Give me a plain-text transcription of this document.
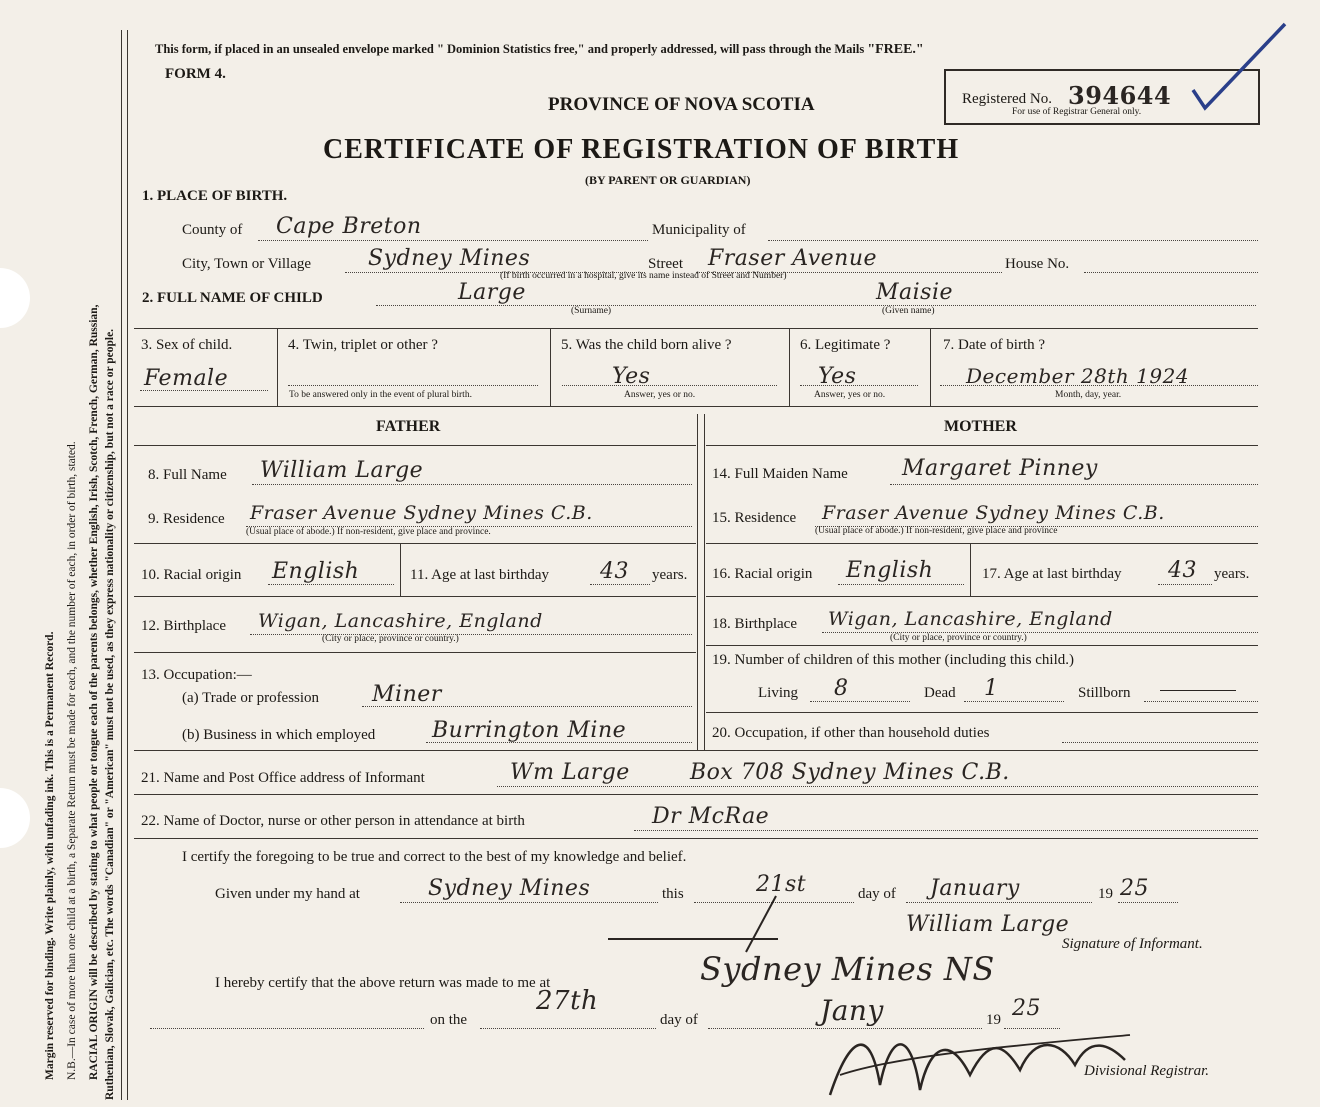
Margin reserved for binding. Write plainly, with unfading ink. This is a Permanent Record. N.B.—In case of more than one child at a birth, a Separate Return must be made for each, and the number of each, in order of birth, stated. RACIAL ORIGIN will be described by stating to what people or tongue each of the parents belongs, whether English, Irish, Scotch, French, German, Russian, Ruthenian, Slovak, Galician, etc. The words "Canadian" or "American" must not be used, as they express nationality or citizenship, but not a race or people.
This form, if placed in an unsealed envelope marked " Dominion Statistics free," and properly addressed, will pass through the Mails "FREE."
FORM 4.
PROVINCE OF NOVA SCOTIA
CERTIFICATE OF REGISTRATION OF BIRTH
(BY PARENT OR GUARDIAN)
Registered No. 394644
For use of Registrar General only.
1. PLACE OF BIRTH.
County of Cape Breton	Municipality of
City, Town or Village	Sydney Mines	Street Fraser Avenue	House No.
(If birth occurred in a hospital, give its name instead of Street and Number)
2. FULL NAME OF CHILD	Large
(Surname)
Maisie
(Given name)
3. Sex of child.
Female
4. Twin, triplet or other ?
To be answered only in the event of plural birth.
5. Was the child born alive ?
Yes
Answer, yes or no.
6. Legitimate ?
Yes
Answer, yes or no.
7. Date of birth ?
December 28th 1924
Month, day, year.
FATHER	MOTHER
8. Full Name William Large
9. Residence Fraser Avenue Sydney Mines C.B.
(Usual place of abode.) If non-resident, give place and province.
10. Racial origin English	11. Age at last birthday 43 years.
12. Birthplace Wigan, Lancashire, England
(City or place, province or country.)
13. Occupation:—
(a) Trade or profession Miner
(b) Business in which employed	Burrington Mine
14. Full Maiden Name Margaret Pinney
15. Residence Fraser Avenue Sydney Mines C.B.
(Usual place of abode.) If non-resident, give place and province
16. Racial origin English	17. Age at last birthday 43 years.
18. Birthplace Wigan, Lancashire, England
(City or place, province or country.)
19. Number of children of this mother (including this child.)
Living 8	Dead 1	Stillborn
20. Occupation, if other than household duties
21. Name and Post Office address of Informant	Wm Large	Box 708 Sydney Mines C.B.
22. Name of Doctor, nurse or other person in attendance at birth	Dr McRae
I certify the foregoing to be true and correct to the best of my knowledge and belief.
Given under my hand at	Sydney Mines	this	21st	day of January	19 25
William Large
Signature of Informant.
I hereby certify that the above return was made to me at	Sydney Mines NS
27th
on the	day of	Jany	19 25
Divisional Registrar.
